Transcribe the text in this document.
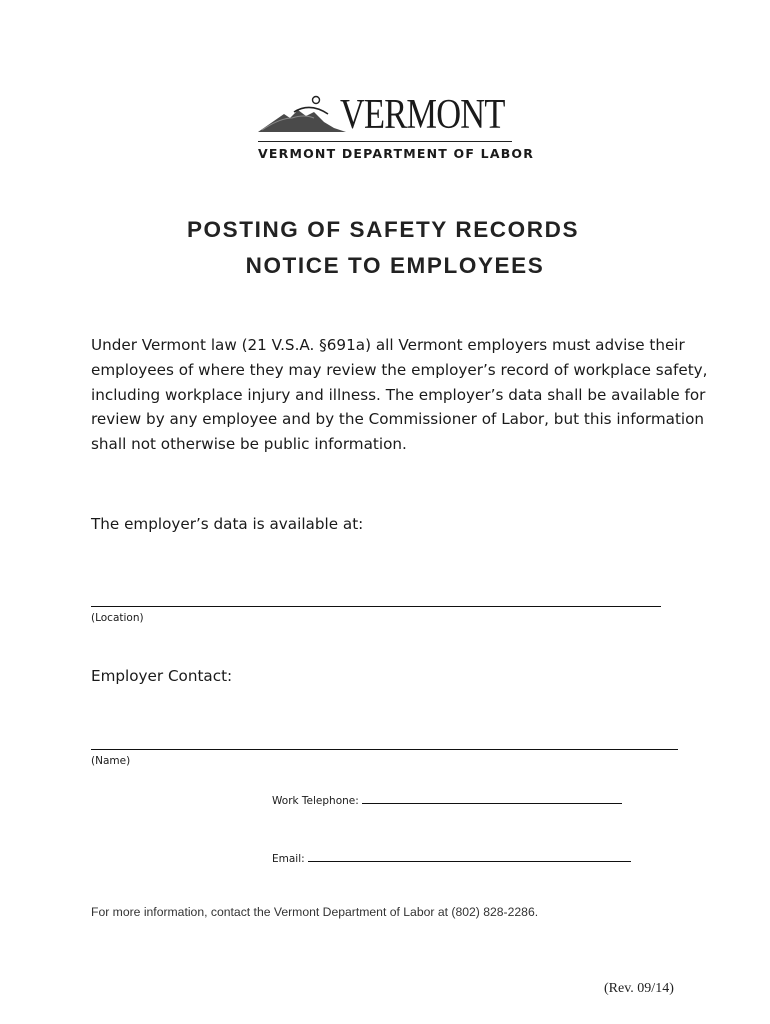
VERMONT
VERMONT DEPARTMENT OF LABOR
POSTING OF SAFETY RECORDS
NOTICE TO EMPLOYEES
Under Vermont law (21 V.S.A. §691a) all Vermont employers must advise their
employees of where they may review the employer’s record of workplace safety,
including workplace injury and illness. The employer’s data shall be available for
review by any employee and by the Commissioner of Labor, but this information
shall not otherwise be public information.
The employer’s data is available at:
(Location)
Employer Contact:
(Name)
Work Telephone:
Email:
For more information, contact the Vermont Department of Labor at (802) 828-2286.
(Rev. 09/14)
